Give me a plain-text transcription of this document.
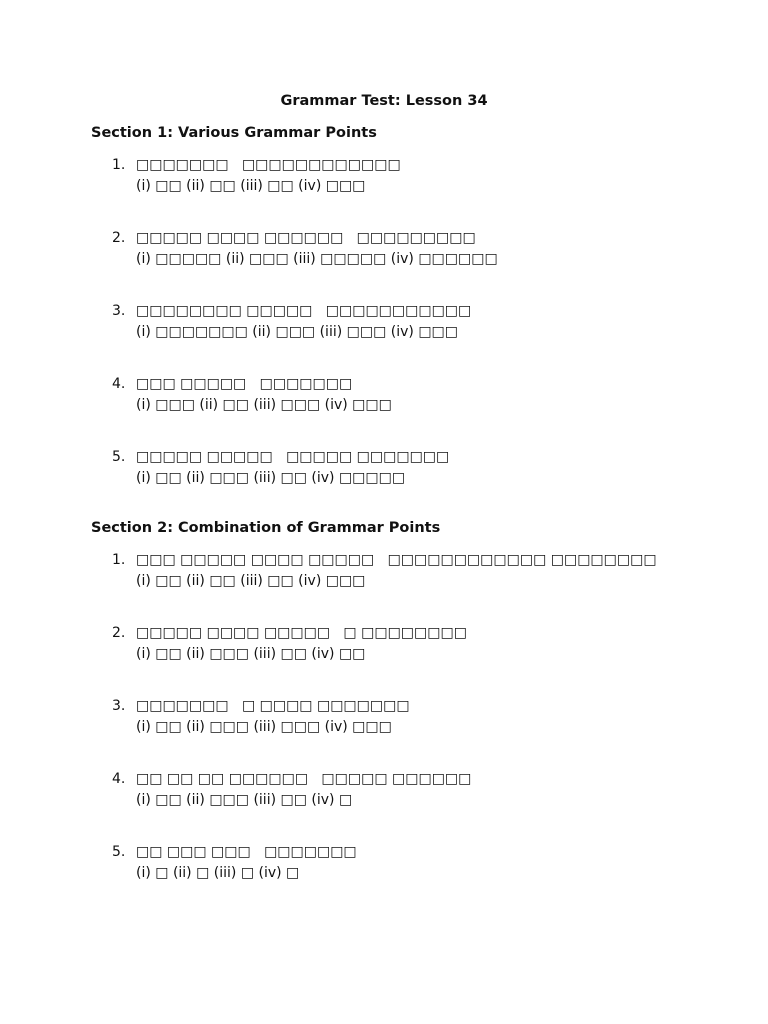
Grammar Test: Lesson 34
Section 1: Various Grammar Points
1. □□□□□□□   □□□□□□□□□□□□
(i) □□ (ii) □□ (iii) □□ (iv) □□□
2. □□□□□ □□□□ □□□□□□   □□□□□□□□□
(i) □□□□□ (ii) □□□ (iii) □□□□□ (iv) □□□□□□
3. □□□□□□□□ □□□□□   □□□□□□□□□□□
(i) □□□□□□□ (ii) □□□ (iii) □□□ (iv) □□□
4. □□□ □□□□□   □□□□□□□
(i) □□□ (ii) □□ (iii) □□□ (iv) □□□
5. □□□□□ □□□□□   □□□□□ □□□□□□□
(i) □□ (ii) □□□ (iii) □□ (iv) □□□□□
Section 2: Combination of Grammar Points
1. □□□ □□□□□ □□□□ □□□□□   □□□□□□□□□□□□ □□□□□□□□
(i) □□ (ii) □□ (iii) □□ (iv) □□□
2. □□□□□ □□□□ □□□□□   □ □□□□□□□□
(i) □□ (ii) □□□ (iii) □□ (iv) □□
3. □□□□□□□   □ □□□□ □□□□□□□
(i) □□ (ii) □□□ (iii) □□□ (iv) □□□
4. □□ □□ □□ □□□□□□   □□□□□ □□□□□□
(i) □□ (ii) □□□ (iii) □□ (iv) □
5. □□ □□□ □□□   □□□□□□□
(i) □ (ii) □ (iii) □ (iv) □
